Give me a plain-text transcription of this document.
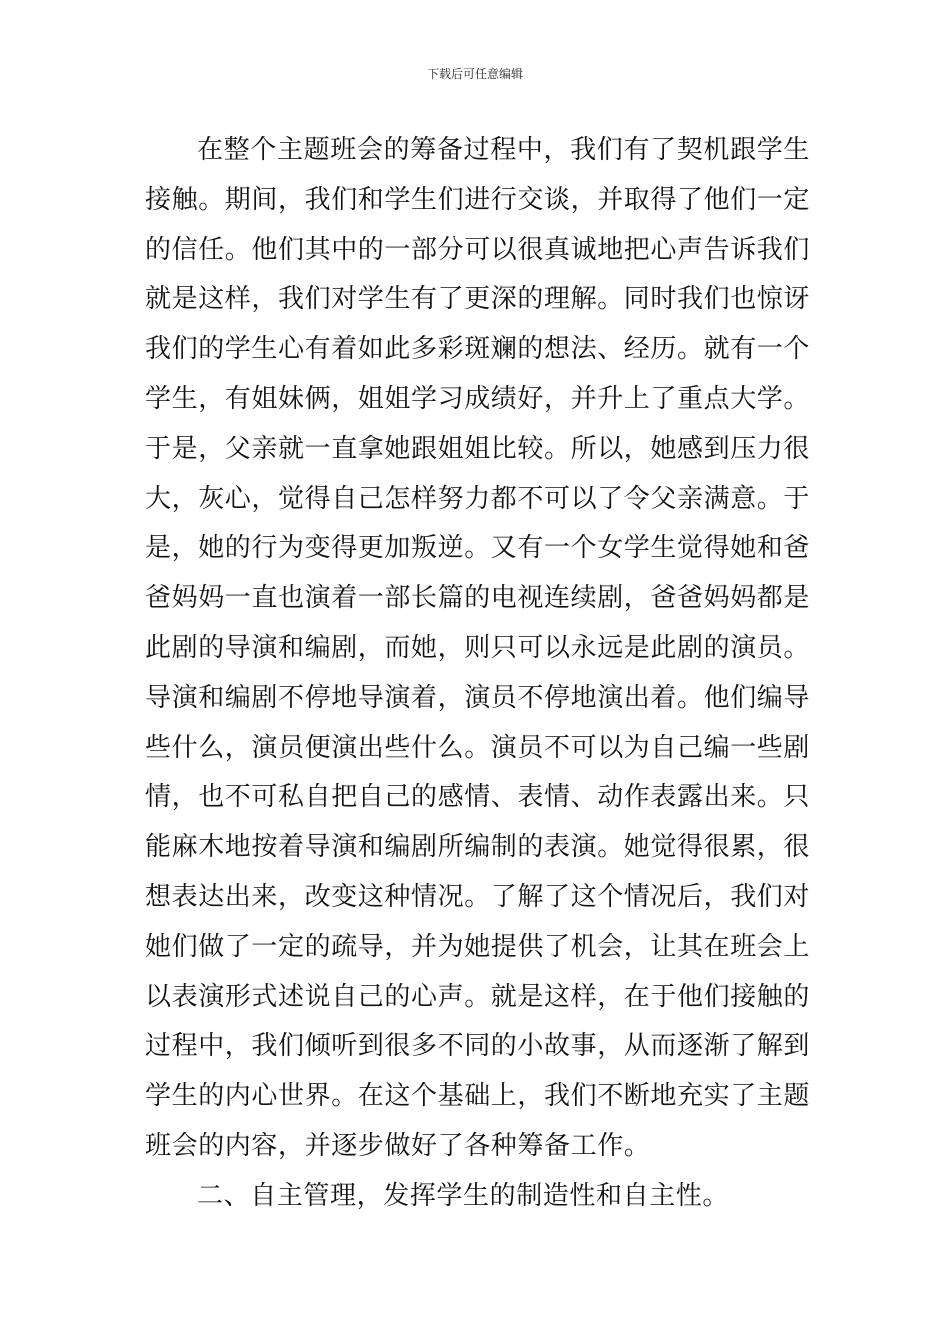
下载后可任意编辑

在整个主题班会的筹备过程中，我们有了契机跟学生接触。期间，我们和学生们进行交谈，并取得了他们一定的信任。他们其中的一部分可以很真诚地把心声告诉我们就是这样，我们对学生有了更深的理解。同时我们也惊讶我们的学生心有着如此多彩斑斓的想法、经历。就有一个学生，有姐妹俩，姐姐学习成绩好，并升上了重点大学。于是，父亲就一直拿她跟姐姐比较。所以，她感到压力很大，灰心，觉得自己怎样努力都不可以了令父亲满意。于是，她的行为变得更加叛逆。又有一个女学生觉得她和爸爸妈妈一直也演着一部长篇的电视连续剧，爸爸妈妈都是此剧的导演和编剧，而她，则只可以永远是此剧的演员。导演和编剧不停地导演着，演员不停地演出着。他们编导些什么，演员便演出些什么。演员不可以为自己编一些剧情，也不可私自把自己的感情、表情、动作表露出来。只能麻木地按着导演和编剧所编制的表演。她觉得很累，很想表达出来，改变这种情况。了解了这个情况后，我们对她们做了一定的疏导，并为她提供了机会，让其在班会上以表演形式述说自己的心声。就是这样，在于他们接触的过程中，我们倾听到很多不同的小故事，从而逐渐了解到学生的内心世界。在这个基础上，我们不断地充实了主题班会的内容，并逐步做好了各种筹备工作。

二、自主管理，发挥学生的制造性和自主性。
